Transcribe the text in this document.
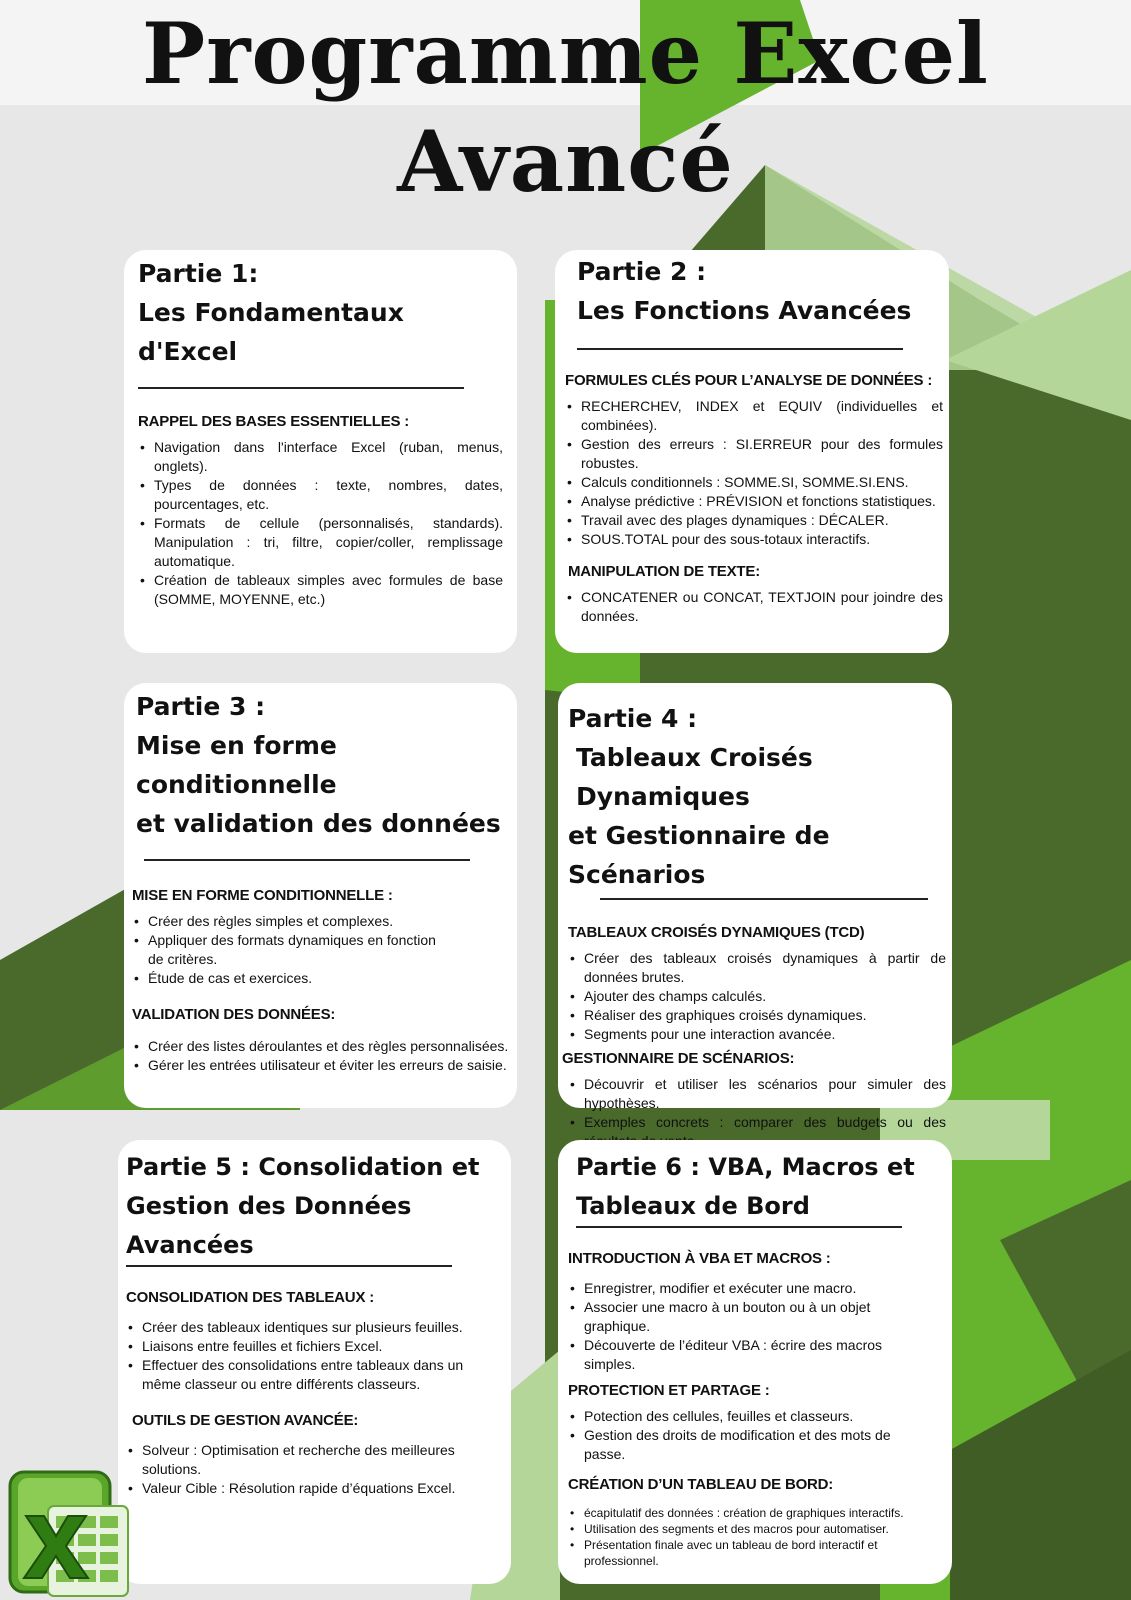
Programme Excel Avancé
Partie 1:
Les Fondamentaux d'Excel
RAPPEL DES BASES ESSENTIELLES :
• Navigation dans l'interface Excel (ruban, menus, onglets).
• Types de données : texte, nombres, dates, pourcentages, etc.
• Formats de cellule (personnalisés, standards). Manipulation : tri, filtre, copier/coller, remplissage automatique.
• Création de tableaux simples avec formules de base (SOMME, MOYENNE, etc.)
Partie 2 :
Les Fonctions Avancées
FORMULES CLÉS POUR L’ANALYSE DE DONNÉES :
• RECHERCHEV, INDEX et EQUIV (individuelles et combinées).
• Gestion des erreurs : SI.ERREUR pour des formules robustes.
• Calculs conditionnels : SOMME.SI, SOMME.SI.ENS.
• Analyse prédictive : PRÉVISION et fonctions statistiques.
• Travail avec des plages dynamiques : DÉCALER.
• SOUS.TOTAL pour des sous-totaux interactifs.
MANIPULATION DE TEXTE:
• CONCATENER ou CONCAT, TEXTJOIN pour joindre des données.
Partie 3 :
Mise en forme conditionnelle
et validation des données
MISE EN FORME CONDITIONNELLE :
• Créer des règles simples et complexes.
• Appliquer des formats dynamiques en fonction de critères.
• Étude de cas et exercices.
VALIDATION DES DONNÉES:
• Créer des listes déroulantes et des règles personnalisées.
• Gérer les entrées utilisateur et éviter les erreurs de saisie.
Partie 4 :
Tableaux Croisés Dynamiques
et Gestionnaire de Scénarios
TABLEAUX CROISÉS DYNAMIQUES (TCD)
• Créer des tableaux croisés dynamiques à partir de données brutes.
• Ajouter des champs calculés.
• Réaliser des graphiques croisés dynamiques.
• Segments pour une interaction avancée.
GESTIONNAIRE DE SCÉNARIOS:
• Découvrir et utiliser les scénarios pour simuler des hypothèses.
• Exemples concrets : comparer des budgets ou des
Partie 5 : Consolidation et
Gestion des Données Avancées
CONSOLIDATION DES TABLEAUX :
• Créer des tableaux identiques sur plusieurs feuilles.
• Liaisons entre feuilles et fichiers Excel.
• Effectuer des consolidations entre tableaux dans un même classeur ou entre différents classeurs.
OUTILS DE GESTION AVANCÉE:
• Solveur : Optimisation et recherche des meilleures solutions.
• Valeur Cible : Résolution rapide d’équations Excel.
Partie 6 : VBA, Macros et
Tableaux de Bord
INTRODUCTION À VBA ET MACROS :
• Enregistrer, modifier et exécuter une macro.
• Associer une macro à un bouton ou à un objet graphique.
• Découverte de l’éditeur VBA : écrire des macros simples.
PROTECTION ET PARTAGE :
• Potection des cellules, feuilles et classeurs.
• Gestion des droits de modification et des mots de passe.
CRÉATION D’UN TABLEAU DE BORD:
• écapitulatif des données : création de graphiques interactifs.
• Utilisation des segments et des macros pour automatiser.
• Présentation finale avec un tableau de bord interactif et professionnel.
